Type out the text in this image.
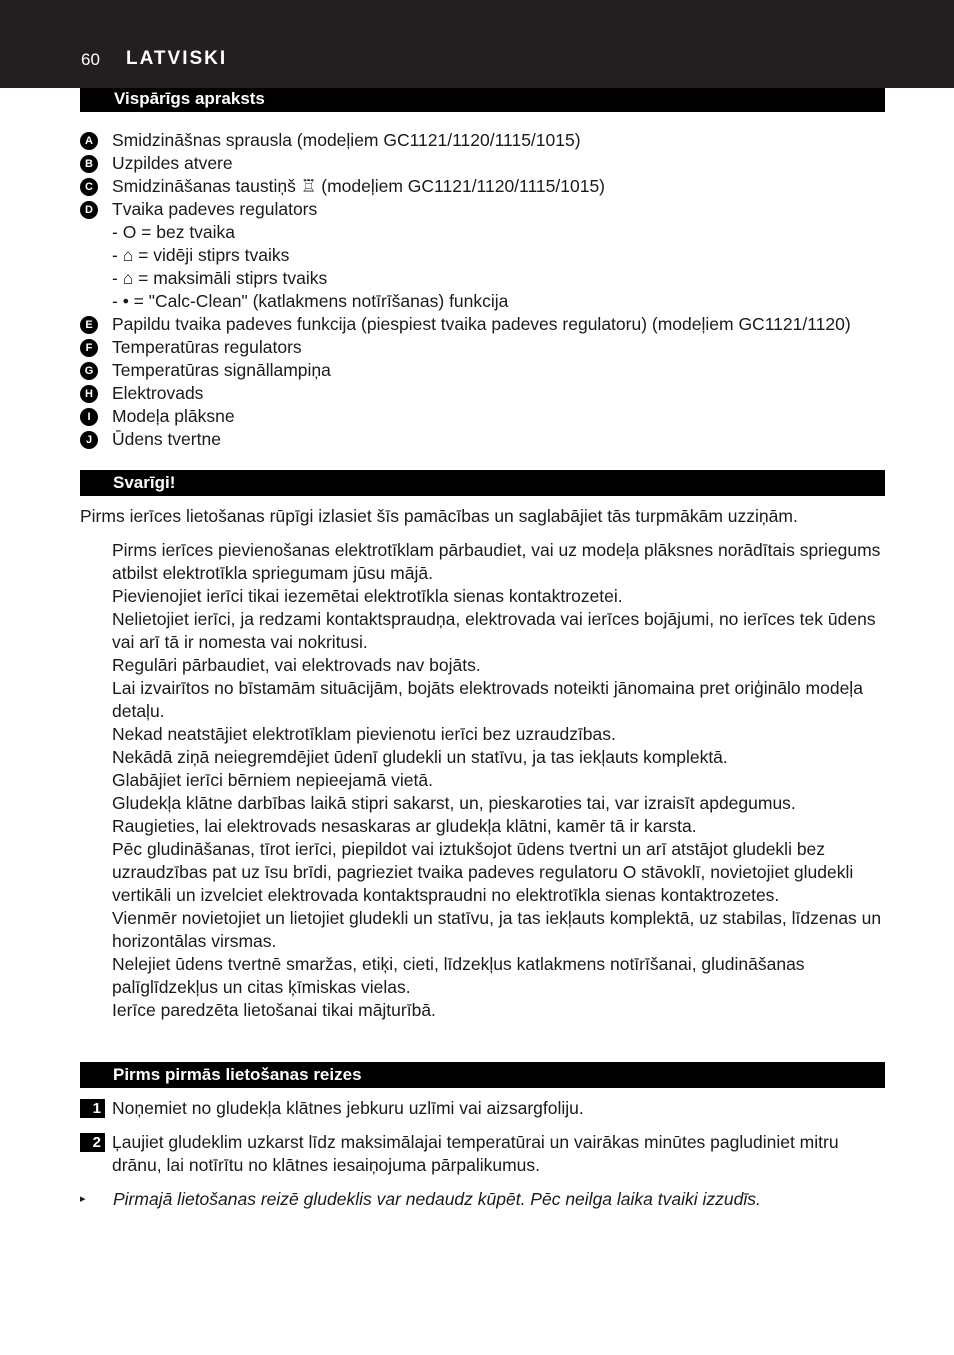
60 LATVISKI
Vispārīgs apraksts
A Smidzināšnas sprausla (modeļiem GC1121/1120/1115/1015)
B Uzpildes atvere
C Smidzināšanas taustiņš ♖ (modeļiem GC1121/1120/1115/1015)
D Tvaika padeves regulators
- O = bez tvaika
- ⌂ = vidēji stiprs tvaiks
- ⌂ = maksimāli stiprs tvaiks
- • = "Calc-Clean" (katlakmens notīrīšanas) funkcija
E	Papildu tvaika padeves funkcija (piespiest tvaika padeves regulatoru) (modeļiem GC1121/1120)
F	Temperatūras regulators
G Temperatūras signāllampiņa
H Elektrovads
I	Modeļa plāksne
J	Ūdens tvertne
Svarīgi!
Pirms ierīces lietošanas rūpīgi izlasiet šīs pamācības un saglabājiet tās turpmākām uzziņām.

Pirms ierīces pievienošanas elektrotīklam pārbaudiet, vai uz modeļa plāksnes norādītais spriegums atbilst elektrotīkla spriegumam jūsu mājā.

Pievienojiet ierīci tikai iezemētai elektrotīkla sienas kontaktrozetei.

Nelietojiet ierīci, ja redzami kontaktspraudņa, elektrovada vai ierīces bojājumi, no ierīces tek ūdens vai arī tā ir nomesta vai nokritusi.

Regulāri pārbaudiet, vai elektrovads nav bojāts.

Lai izvairītos no bīstamām situācijām, bojāts elektrovads noteikti jānomaina pret oriģinālo modeļa detaļu.

Nekad neatstājiet elektrotīklam pievienotu ierīci bez uzraudzības.

Nekādā ziņā neiegremdējiet ūdenī gludekli un statīvu, ja tas iekļauts komplektā.

Glabājiet ierīci bērniem nepieejamā vietā.

Gludekļa klātne darbības laikā stipri sakarst, un, pieskaroties tai, var izraisīt apdegumus.

Raugieties, lai elektrovads nesaskaras ar gludekļa klātni, kamēr tā ir karsta.

Pēc gludināšanas, tīrot ierīci, piepildot vai iztukšojot ūdens tvertni un arī atstājot gludekli bez uzraudzības pat uz īsu brīdi, pagrieziet tvaika padeves regulatoru O stāvoklī, novietojiet gludekli vertikāli un izvelciet elektrovada kontaktspraudni no elektrotīkla sienas kontaktrozetes.

Vienmēr novietojiet un lietojiet gludekli un statīvu, ja tas iekļauts komplektā, uz stabilas, līdzenas un horizontālas virsmas.

Nelejiet ūdens tvertnē smaržas, etiķi, cieti, līdzekļus katlakmens notīrīšanai, gludināšanas palīglīdzekļus un citas ķīmiskas vielas.

Ierīce paredzēta lietošanai tikai mājturībā.

Pirms pirmās lietošanas reizes
1 Noņemiet no gludekļa klātnes jebkuru uzlīmi vai aizsargfoliju.
2 Ļaujiet gludeklim uzkarst līdz maksimālajai temperatūrai un vairākas minūtes pagludiniet mitru drānu, lai notīrītu no klātnes iesaiņojuma pārpalikumus.
▸	Pirmajā lietošanas reizē gludeklis var nedaudz kūpēt. Pēc neilga laika tvaiki izzudīs.
